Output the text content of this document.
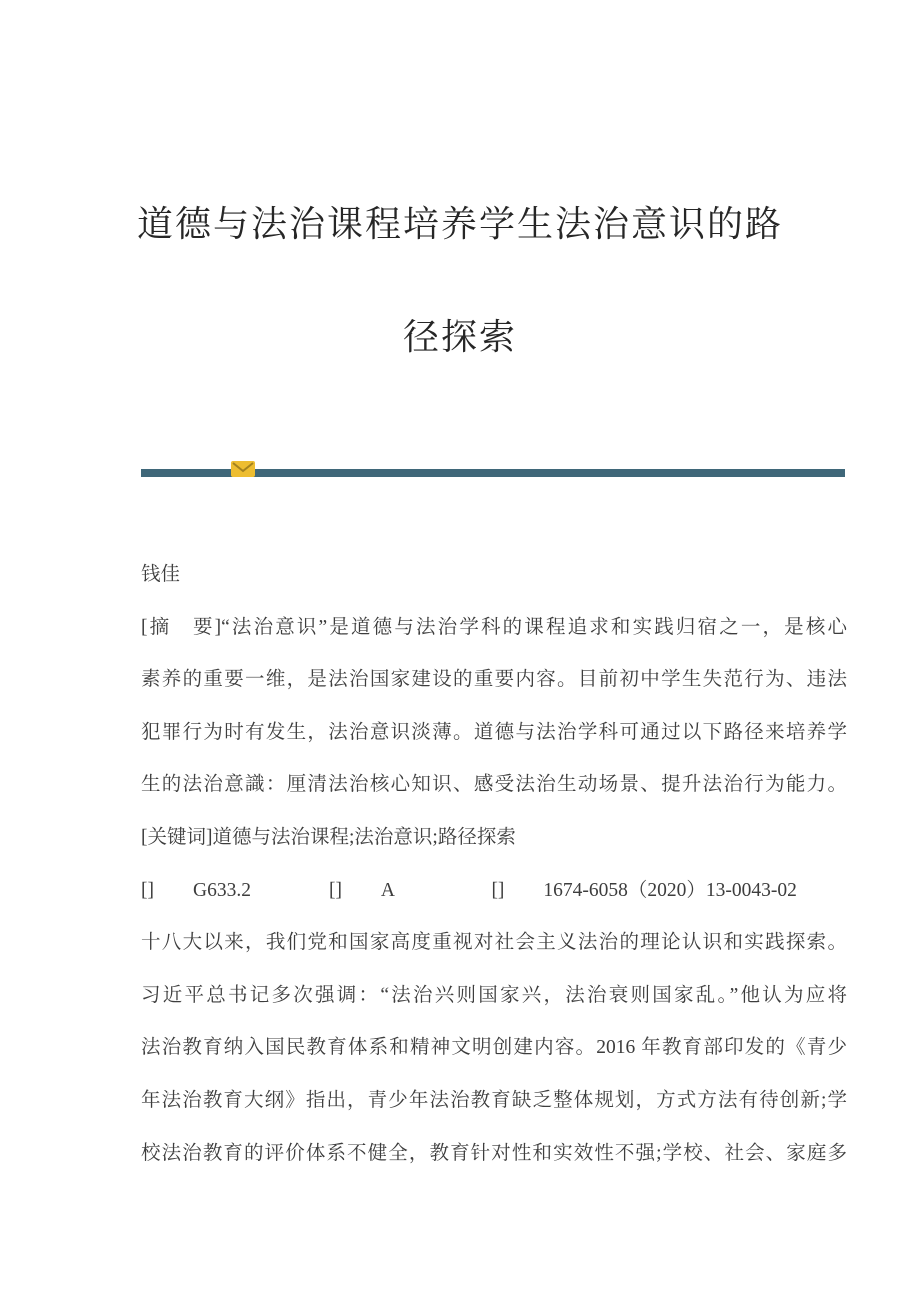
道德与法治课程培养学生法治意识的路
径探索
钱佳
[摘　要]“法治意识”是道德与法治学科的课程追求和实践归宿之一，是核心
素养的重要一维，是法治国家建设的重要内容。目前初中学生失范行为、违法
犯罪行为时有发生，法治意识淡薄。道德与法治学科可通过以下路径来培养学
生的法治意識：厘清法治核心知识、感受法治生动场景、提升法治行为能力。
[关键词]道德与法治课程;法治意识;路径探索
[]　　G633.2　　　　[]　　A　　　　　[]　　1674-6058（2020）13-0043-02
十八大以来，我们党和国家高度重视对社会主义法治的理论认识和实践探索。
习近平总书记多次强调：“法治兴则国家兴，法治衰则国家乱。”他认为应将
法治教育纳入国民教育体系和精神文明创建内容。2016 年教育部印发的《青少
年法治教育大纲》指出，青少年法治教育缺乏整体规划，方式方法有待创新;学
校法治教育的评价体系不健全，教育针对性和实效性不强;学校、社会、家庭多
